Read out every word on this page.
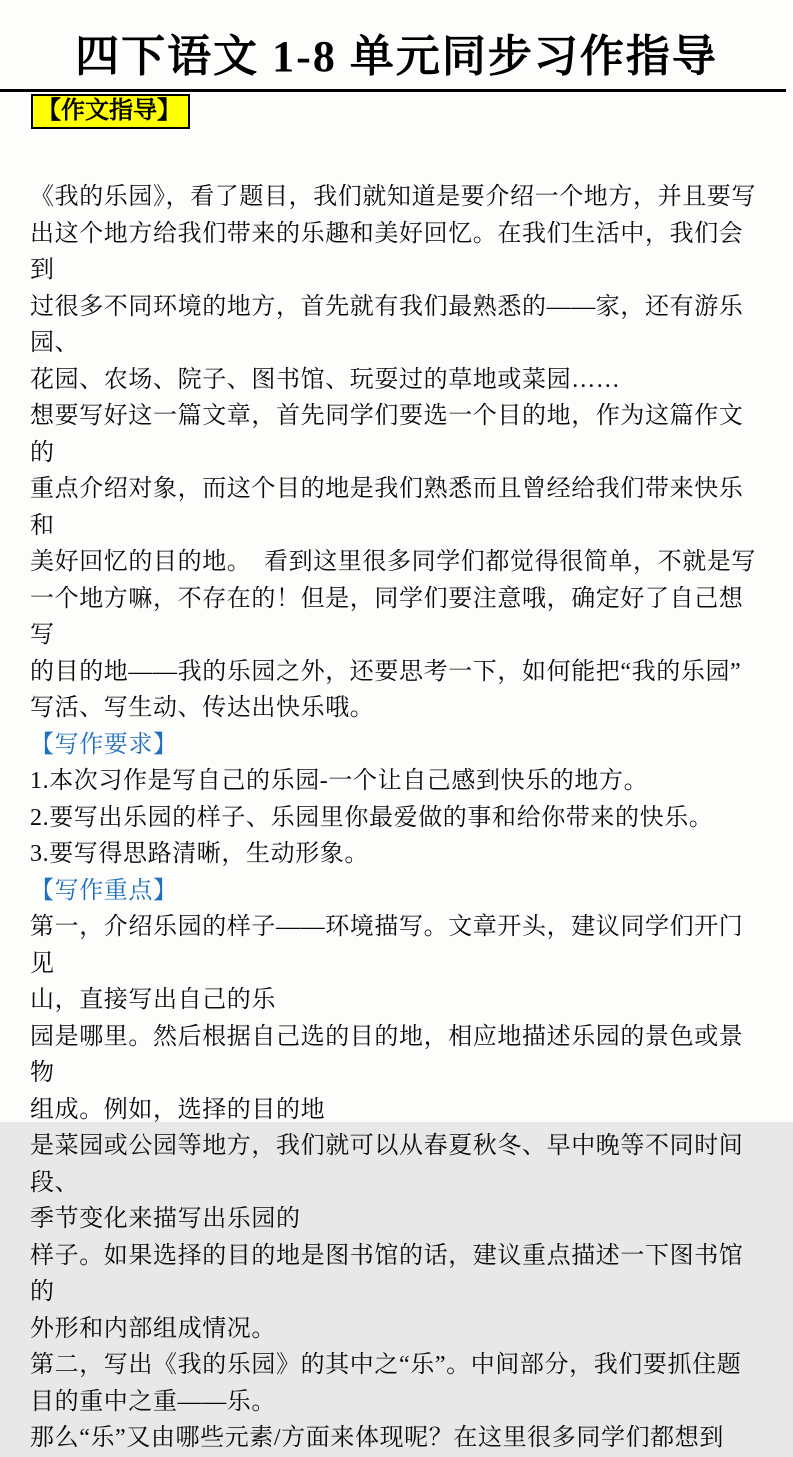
四下语文 1-8 单元同步习作指导
【作文指导】
《我的乐园》，看了题目，我们就知道是要介绍一个地方，并且要写
出这个地方给我们带来的乐趣和美好回忆。在我们生活中，我们会到
过很多不同环境的地方，首先就有我们最熟悉的——家，还有游乐园、
花园、农场、院子、图书馆、玩耍过的草地或菜园……
想要写好这一篇文章，首先同学们要选一个目的地，作为这篇作文的
重点介绍对象，而这个目的地是我们熟悉而且曾经给我们带来快乐和
美好回忆的目的地。　看到这里很多同学们都觉得很简单，不就是写
一个地方嘛，不存在的！但是，同学们要注意哦，确定好了自己想写
的目的地——我的乐园之外，还要思考一下，如何能把“我的乐园”
写活、写生动、传达出快乐哦。
【写作要求】
1.本次习作是写自己的乐园-一个让自己感到快乐的地方。
2.要写出乐园的样子、乐园里你最爱做的事和给你带来的快乐。
3.要写得思路清晰，生动形象。
【写作重点】
第一，介绍乐园的样子——环境描写。文章开头，建议同学们开门见
山，直接写出自己的乐
园是哪里。然后根据自己选的目的地，相应地描述乐园的景色或景物
组成。例如，选择的目的地
是菜园或公园等地方，我们就可以从春夏秋冬、早中晚等不同时间段、
季节变化来描写出乐园的
样子。如果选择的目的地是图书馆的话，建议重点描述一下图书馆的
外形和内部组成情况。
第二，写出《我的乐园》的其中之“乐”。中间部分，我们要抓住题
目的重中之重——乐。
那么“乐”又由哪些元素/方面来体现呢？在这里很多同学们都想到
